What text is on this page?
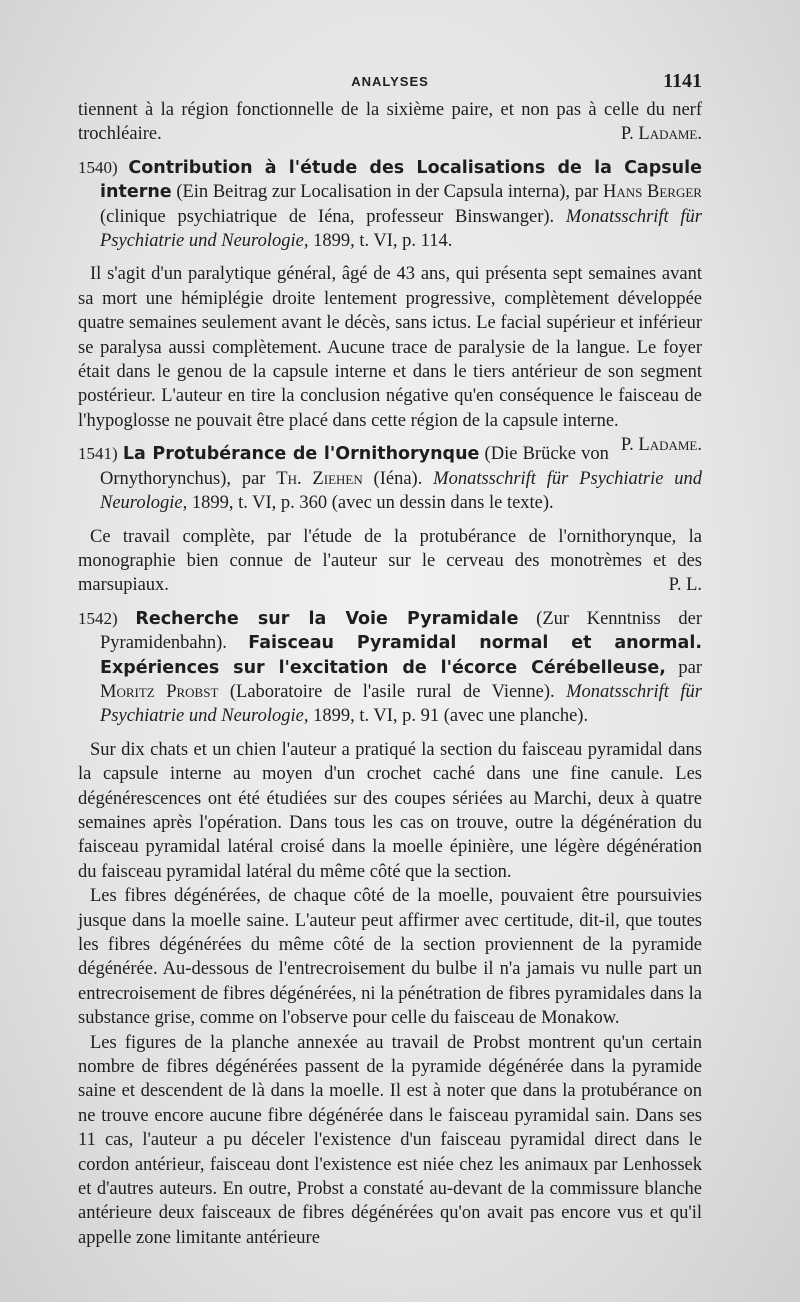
ANALYSES	1141

tiennent à la région fonctionnelle de la sixième paire, et non pas à celle du nerf trochléaire.	P. Ladame.

1540) Contribution à l'étude des Localisations de la Capsule interne (Ein Beitrag zur Localisation in der Capsula interna), par Hans Berger (clinique psychiatrique de Iéna, professeur Binswanger). Monatsschrift für Psychiatrie und Neurologie, 1899, t. VI, p. 114.

Il s'agit d'un paralytique général, âgé de 43 ans, qui présenta sept semaines avant sa mort une hémiplégie droite lentement progressive, complètement développée quatre semaines seulement avant le décès, sans ictus. Le facial supérieur et inférieur se paralysa aussi complètement. Aucune trace de paralysie de la langue. Le foyer était dans le genou de la capsule interne et dans le tiers antérieur de son segment postérieur. L'auteur en tire la conclusion négative qu'en conséquence le faisceau de l'hypoglosse ne pouvait être placé dans cette région de la capsule interne.
P. Ladame.

1541) La Protubérance de l'Ornithorynque (Die Brücke von Ornythorynchus), par Th. Ziehen (Iéna). Monatsschrift für Psychiatrie und Neurologie, 1899, t. VI, p. 360 (avec un dessin dans le texte).

Ce travail complète, par l'étude de la protubérance de l'ornithorynque, la monographie bien connue de l'auteur sur le cerveau des monotrèmes et des marsupiaux.	P. L.

1542) Recherche sur la Voie Pyramidale (Zur Kenntniss der Pyramidenbahn). Faisceau Pyramidal normal et anormal. Expériences sur l'excitation de l'écorce Cérébelleuse, par Moritz Probst (Laboratoire de l'asile rural de Vienne). Monatsschrift für Psychiatrie und Neurologie, 1899, t. VI, p. 91 (avec une planche).

Sur dix chats et un chien l'auteur a pratiqué la section du faisceau pyramidal dans la capsule interne au moyen d'un crochet caché dans une fine canule. Les dégénérescences ont été étudiées sur des coupes sériées au Marchi, deux à quatre semaines après l'opération. Dans tous les cas on trouve, outre la dégénération du faisceau pyramidal latéral croisé dans la moelle épinière, une légère dégénération du faisceau pyramidal latéral du même côté que la section.

Les fibres dégénérées, de chaque côté de la moelle, pouvaient être poursuivies jusque dans la moelle saine. L'auteur peut affirmer avec certitude, dit-il, que toutes les fibres dégénérées du même côté de la section proviennent de la pyramide dégénérée. Au-dessous de l'entrecroisement du bulbe il n'a jamais vu nulle part un entrecroisement de fibres dégénérées, ni la pénétration de fibres pyramidales dans la substance grise, comme on l'observe pour celle du faisceau de Monakow.

Les figures de la planche annexée au travail de Probst montrent qu'un certain nombre de fibres dégénérées passent de la pyramide dégénérée dans la pyramide saine et descendent de là dans la moelle. Il est à noter que dans la protubérance on ne trouve encore aucune fibre dégénérée dans le faisceau pyramidal sain. Dans ses 11 cas, l'auteur a pu déceler l'existence d'un faisceau pyramidal direct dans le cordon antérieur, faisceau dont l'existence est niée chez les animaux par Lenhossek et d'autres auteurs. En outre, Probst a constaté au-devant de la commissure blanche antérieure deux faisceaux de fibres dégénérées qu'on avait pas encore vus et qu'il appelle zone limitante antérieure
